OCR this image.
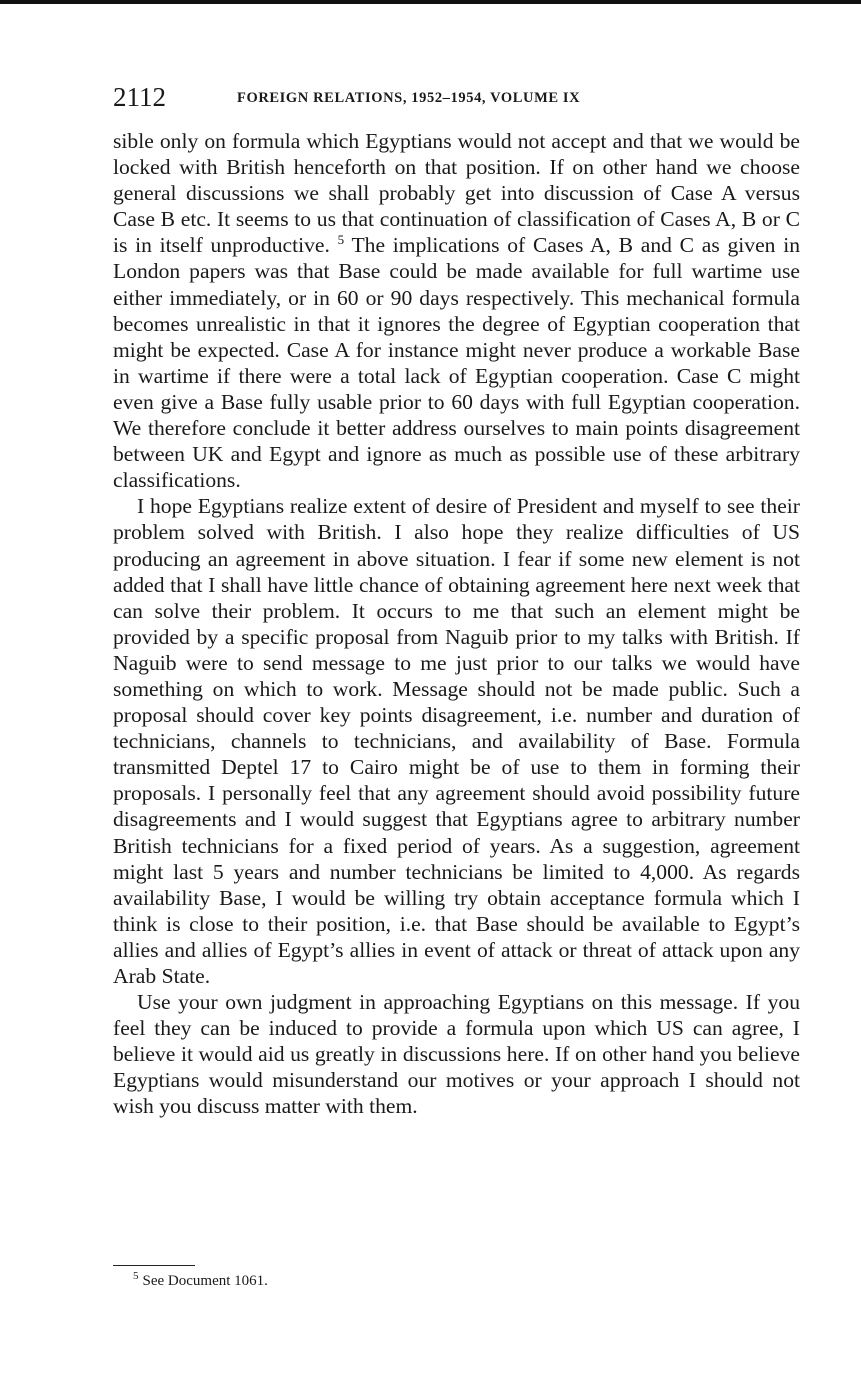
2112	FOREIGN RELATIONS, 1952–1954, VOLUME IX

sible only on formula which Egyptians would not accept and that we would be locked with British henceforth on that position. If on other hand we choose general discussions we shall probably get into discussion of Case A versus Case B etc. It seems to us that continuation of classification of Cases A, B or C is in itself unproductive. $^5$ The implications of Cases A, B and C as given in London papers was that Base could be made available for full wartime use either immediately, or in 60 or 90 days respectively. This mechanical formula becomes unrealistic in that it ignores the degree of Egyptian cooperation that might be expected. Case A for instance might never produce a workable Base in wartime if there were a total lack of Egyptian cooperation. Case C might even give a Base fully usable prior to 60 days with full Egyptian cooperation. We therefore conclude it better address ourselves to main points disagreement between UK and Egypt and ignore as much as possible use of these arbitrary classifications.

I hope Egyptians realize extent of desire of President and myself to see their problem solved with British. I also hope they realize difficulties of US producing an agreement in above situation. I fear if some new element is not added that I shall have little chance of obtaining agreement here next week that can solve their problem. It occurs to me that such an element might be provided by a specific proposal from Naguib prior to my talks with British. If Naguib were to send message to me just prior to our talks we would have something on which to work. Message should not be made public. Such a proposal should cover key points disagreement, i.e. number and duration of technicians, channels to technicians, and availability of Base. Formula transmitted Deptel 17 to Cairo might be of use to them in forming their proposals. I personally feel that any agreement should avoid possibility future disagreements and I would suggest that Egyptians agree to arbitrary number British technicians for a fixed period of years. As a suggestion, agreement might last 5 years and number technicians be limited to 4,000. As regards availability Base, I would be willing try obtain acceptance formula which I think is close to their position, i.e. that Base should be available to Egypt’s allies and allies of Egypt’s allies in event of attack or threat of attack upon any Arab State.

Use your own judgment in approaching Egyptians on this message. If you feel they can be induced to provide a formula upon which US can agree, I believe it would aid us greatly in discussions here. If on other hand you believe Egyptians would misunderstand our motives or your approach I should not wish you discuss matter with them.

$^5$ See Document 1061.
